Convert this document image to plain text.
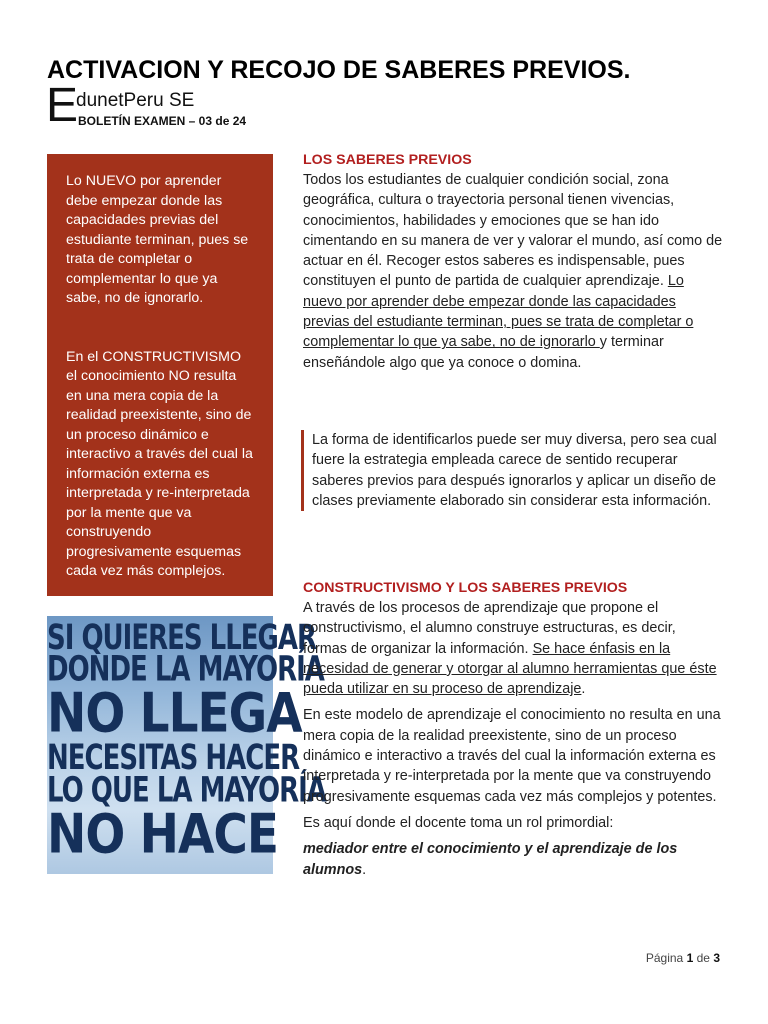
ACTIVACION Y RECOJO DE SABERES PREVIOS.
E
dunetPeru SE
BOLETÍN EXAMEN – 03 de 24

Lo NUEVO por aprender debe empezar donde las capacidades previas del estudiante terminan, pues se trata de completar o complementar lo que ya sabe, no de ignorarlo.

En el CONSTRUCTIVISMO el conocimiento NO resulta en una mera copia de la realidad preexistente, sino de un proceso dinámico e interactivo a través del cual la información externa es interpretada y re-interpretada por la mente que va construyendo progresivamente esquemas cada vez más complejos.

SI QUIERES LLEGAR
DONDE LA MAYORÍA
NO LLEGA
NECESITAS HACER
LO QUE LA MAYORÍA
NO HACE
LOS SABERES PREVIOS

Todos los estudiantes de cualquier condición social, zona geográfica, cultura o trayectoria personal tienen vivencias, conocimientos, habilidades y emociones que se han ido cimentando en su manera de ver y valorar el mundo, así como de actuar en él. Recoger estos saberes es indispensable, pues constituyen el punto de partida de cualquier aprendizaje. Lo nuevo por aprender debe empezar donde las capacidades previas del estudiante terminan, pues se trata de completar o complementar lo que ya sabe, no de ignorarlo y terminar enseñándole algo que ya conoce o domina.

La forma de identificarlos puede ser muy diversa, pero sea cual fuere la estrategia empleada carece de sentido recuperar saberes previos para después ignorarlos y aplicar un diseño de clases previamente elaborado sin considerar esta información.
CONSTRUCTIVISMO Y LOS SABERES PREVIOS

A través de los procesos de aprendizaje que propone el constructivismo, el alumno construye estructuras, es decir, formas de organizar la información. Se hace énfasis en la necesidad de generar y otorgar al alumno herramientas que éste pueda utilizar en su proceso de aprendizaje.

En este modelo de aprendizaje el conocimiento no resulta en una mera copia de la realidad preexistente, sino de un proceso dinámico e interactivo a través del cual la información externa es interpretada y re-interpretada por la mente que va construyendo progresivamente esquemas cada vez más complejos y potentes.

Es aquí donde el docente toma un rol primordial:

mediador entre el conocimiento y el aprendizaje de los alumnos.

Página 1 de 3
